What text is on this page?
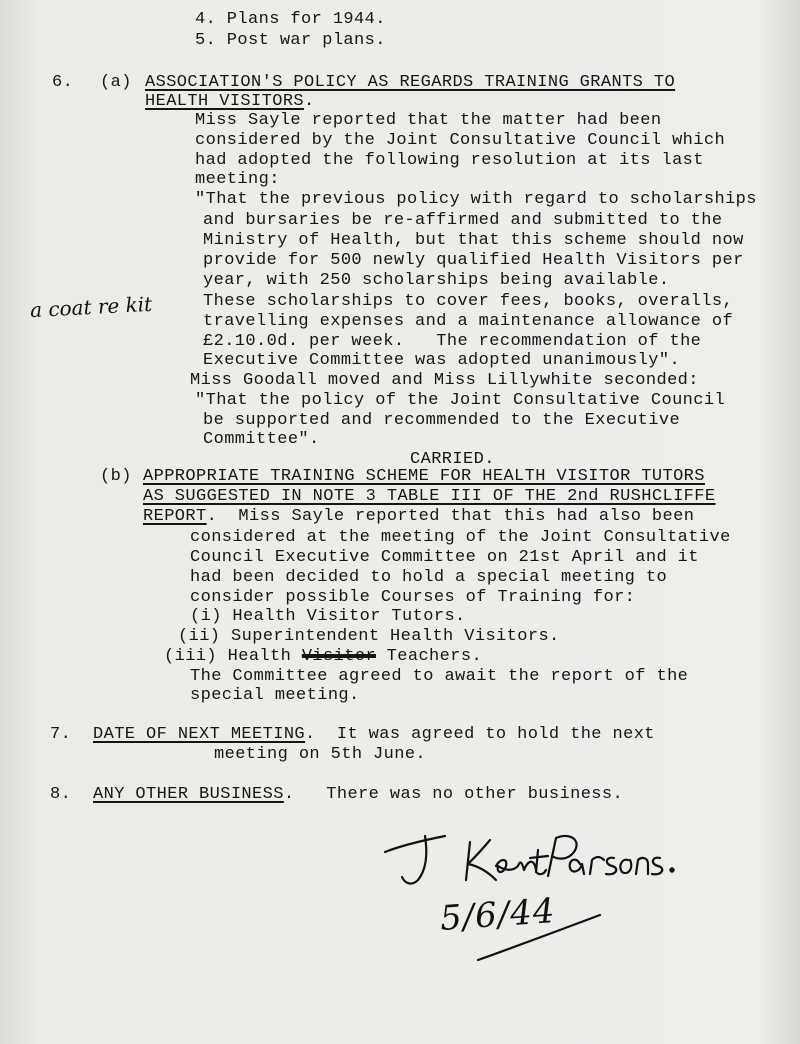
4. Plans for 1944.
5. Post war plans.
6. (a) ASSOCIATION'S POLICY AS REGARDS TRAINING GRANTS TO
HEALTH VISITORS.
Miss Sayle reported that the matter had been
considered by the Joint Consultative Council which
had adopted the following resolution at its last
meeting:
"That the previous policy with regard to scholarships
and bursaries be re-affirmed and submitted to the
Ministry of Health, but that this scheme should now
provide for 500 newly qualified Health Visitors per
year, with 250 scholarships being available.
These scholarships to cover fees, books, overalls,
travelling expenses and a maintenance allowance of
£2.10.0d. per week.   The recommendation of the
Executive Committee was adopted unanimously".
Miss Goodall moved and Miss Lillywhite seconded:
"That the policy of the Joint Consultative Council
be supported and recommended to the Executive
Committee".
CARRIED.
a coat re kit
(b) APPROPRIATE TRAINING SCHEME FOR HEALTH VISITOR TUTORS
AS SUGGESTED IN NOTE 3 TABLE III OF THE 2nd RUSHCLIFFE
REPORT.  Miss Sayle reported that this had also been
considered at the meeting of the Joint Consultative
Council Executive Committee on 21st April and it
had been decided to hold a special meeting to
consider possible Courses of Training for:
(i) Health Visitor Tutors.
(ii) Superintendent Health Visitors.
(iii) Health Visitor Teachers.
The Committee agreed to await the report of the
special meeting.
7. DATE OF NEXT MEETING.  It was agreed to hold the next
meeting on 5th June.
8. ANY OTHER BUSINESS.   There was no other business.
5/6/44
